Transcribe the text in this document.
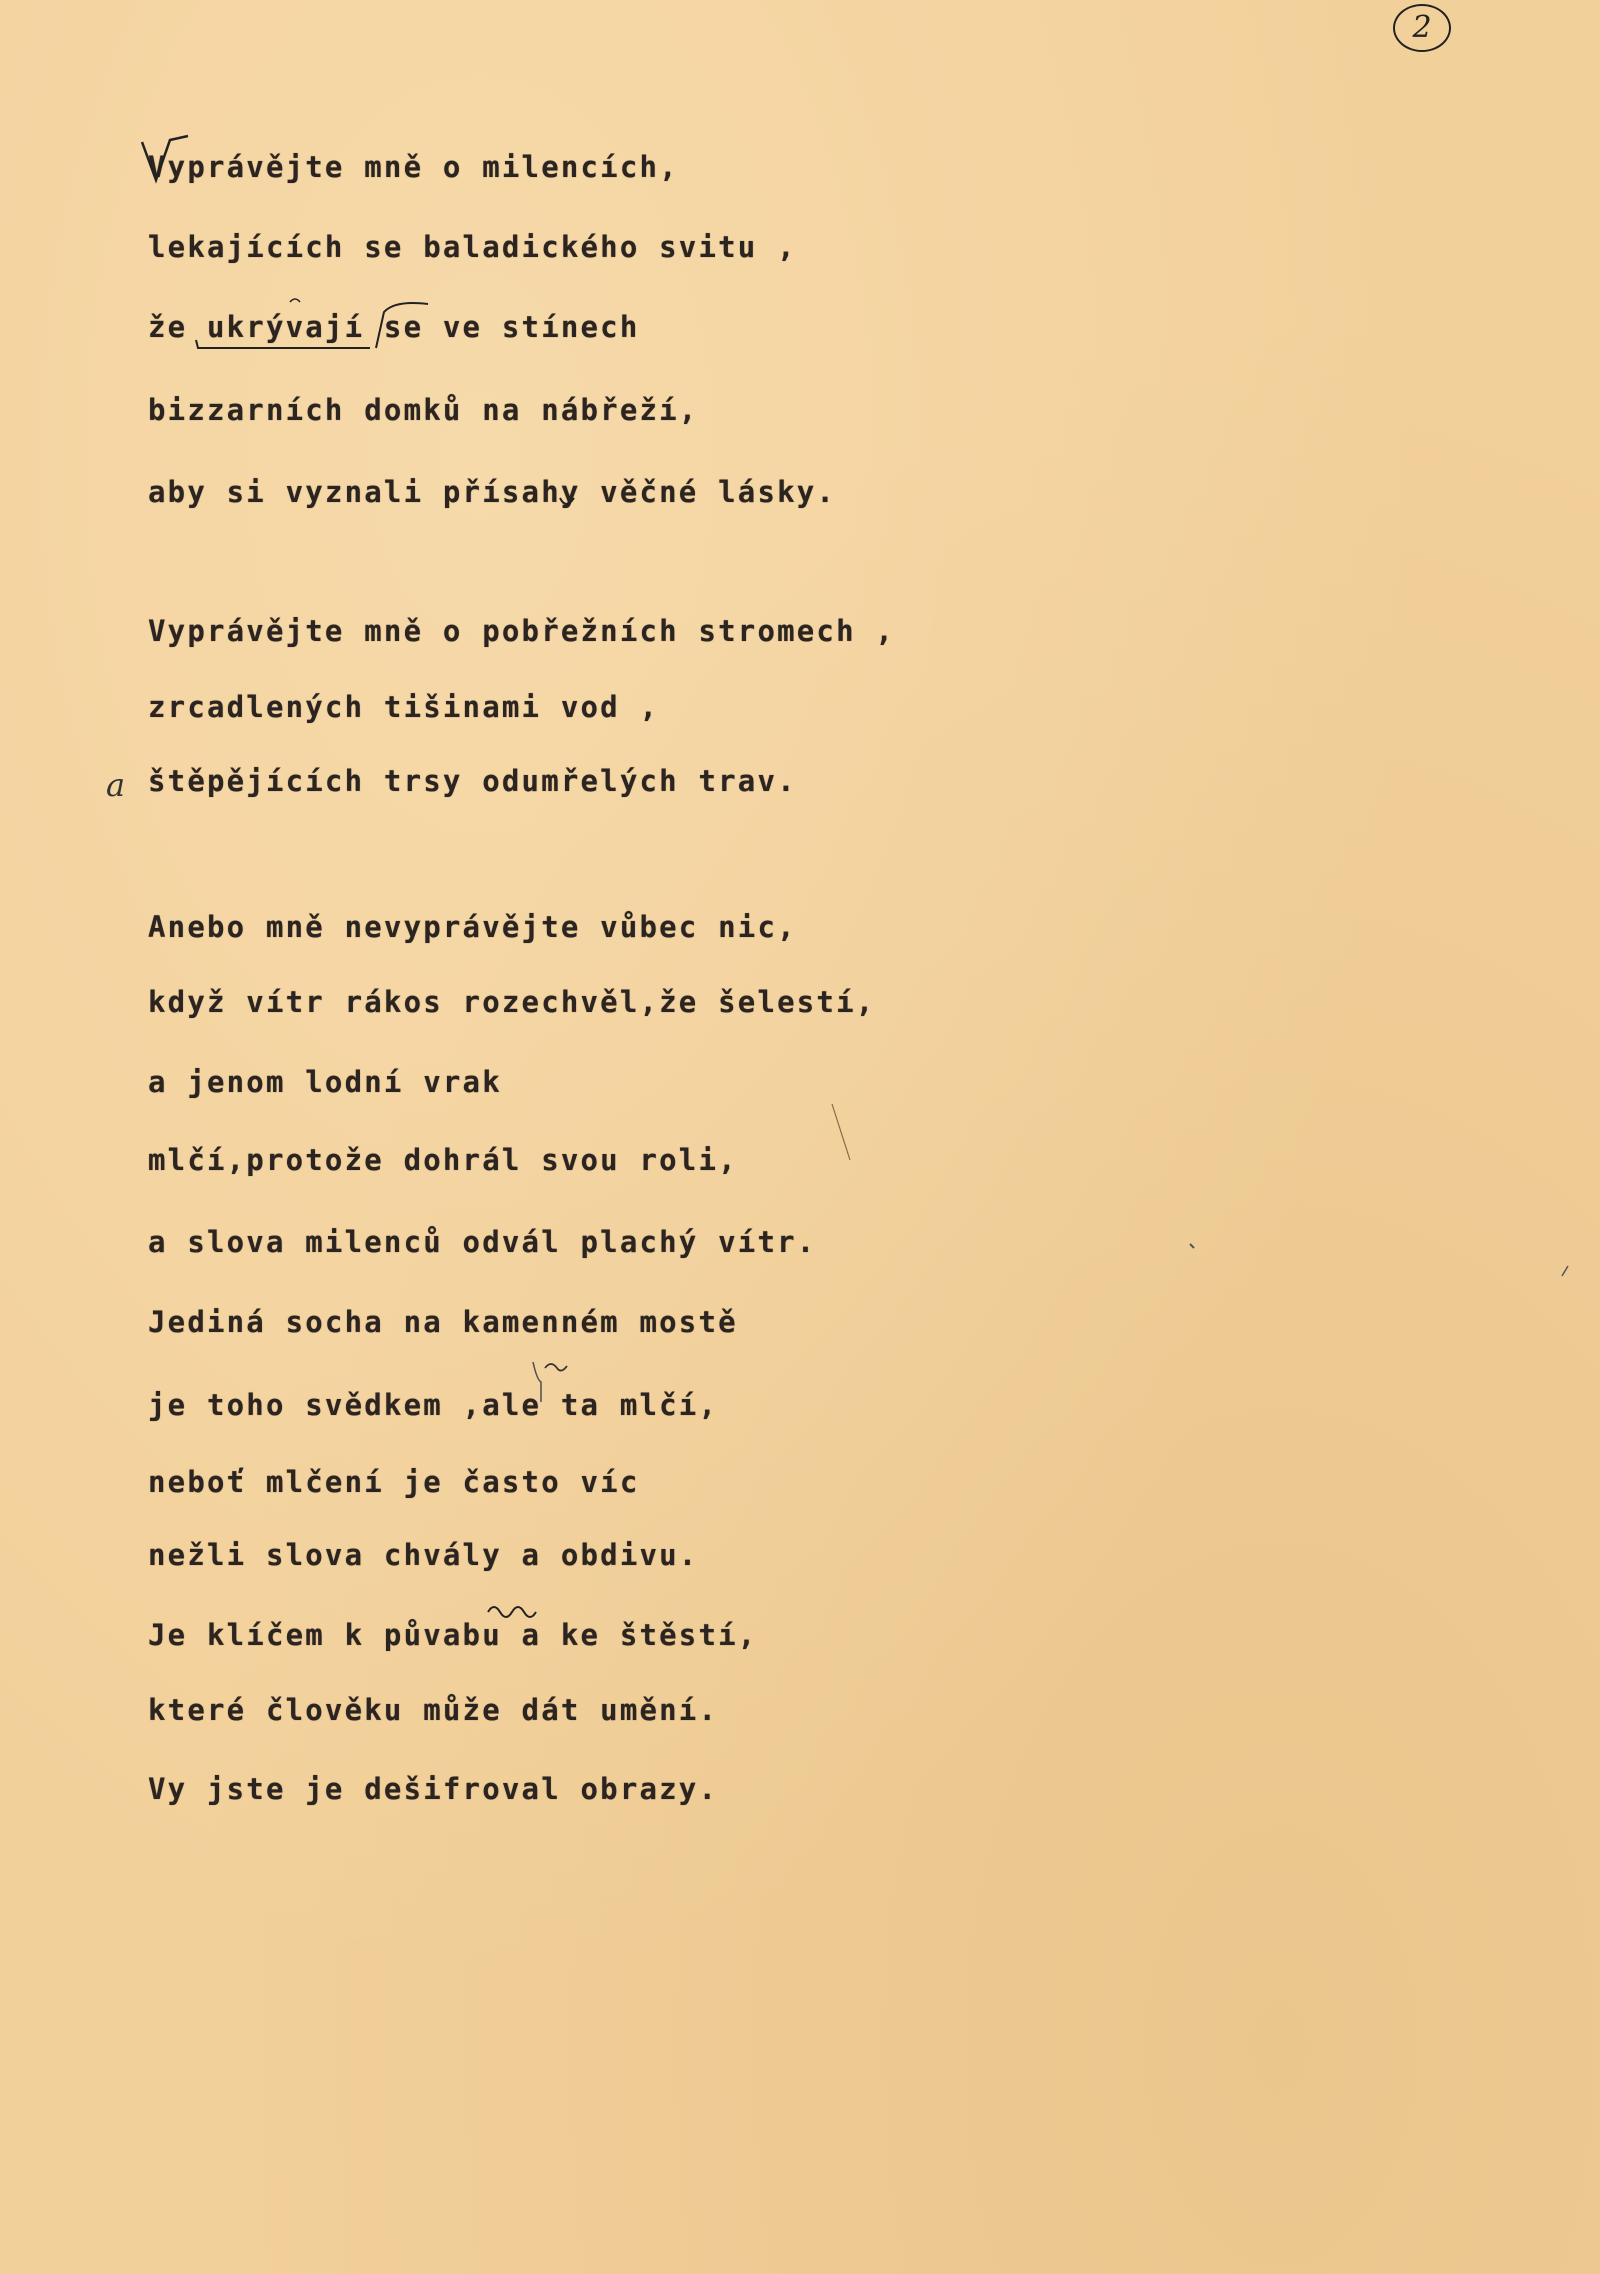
2
Vyprávějte mně o milencích,
lekajících se baladického svitu ,
že ukrývají se ve stínech
bizzarních domků na nábřeží,
aby si vyznali přísahy věčné lásky.
Vyprávějte mně o pobřežních stromech ,
zrcadlených tišinami vod ,
štěpějících trsy odumřelých trav.
a
Anebo mně nevyprávějte vůbec nic,
když vítr rákos rozechvěl,že šelestí,
a jenom lodní vrak
mlčí,protože dohrál svou roli,
a slova milenců odvál plachý vítr.
Jediná socha na kamenném mostě
je toho svědkem ,ale ta mlčí,
neboť mlčení je často víc
nežli slova chvály a obdivu.
Je klíčem k půvabu a ke štěstí,
které člověku může dát umění.
Vy jste je dešifroval obrazy.
